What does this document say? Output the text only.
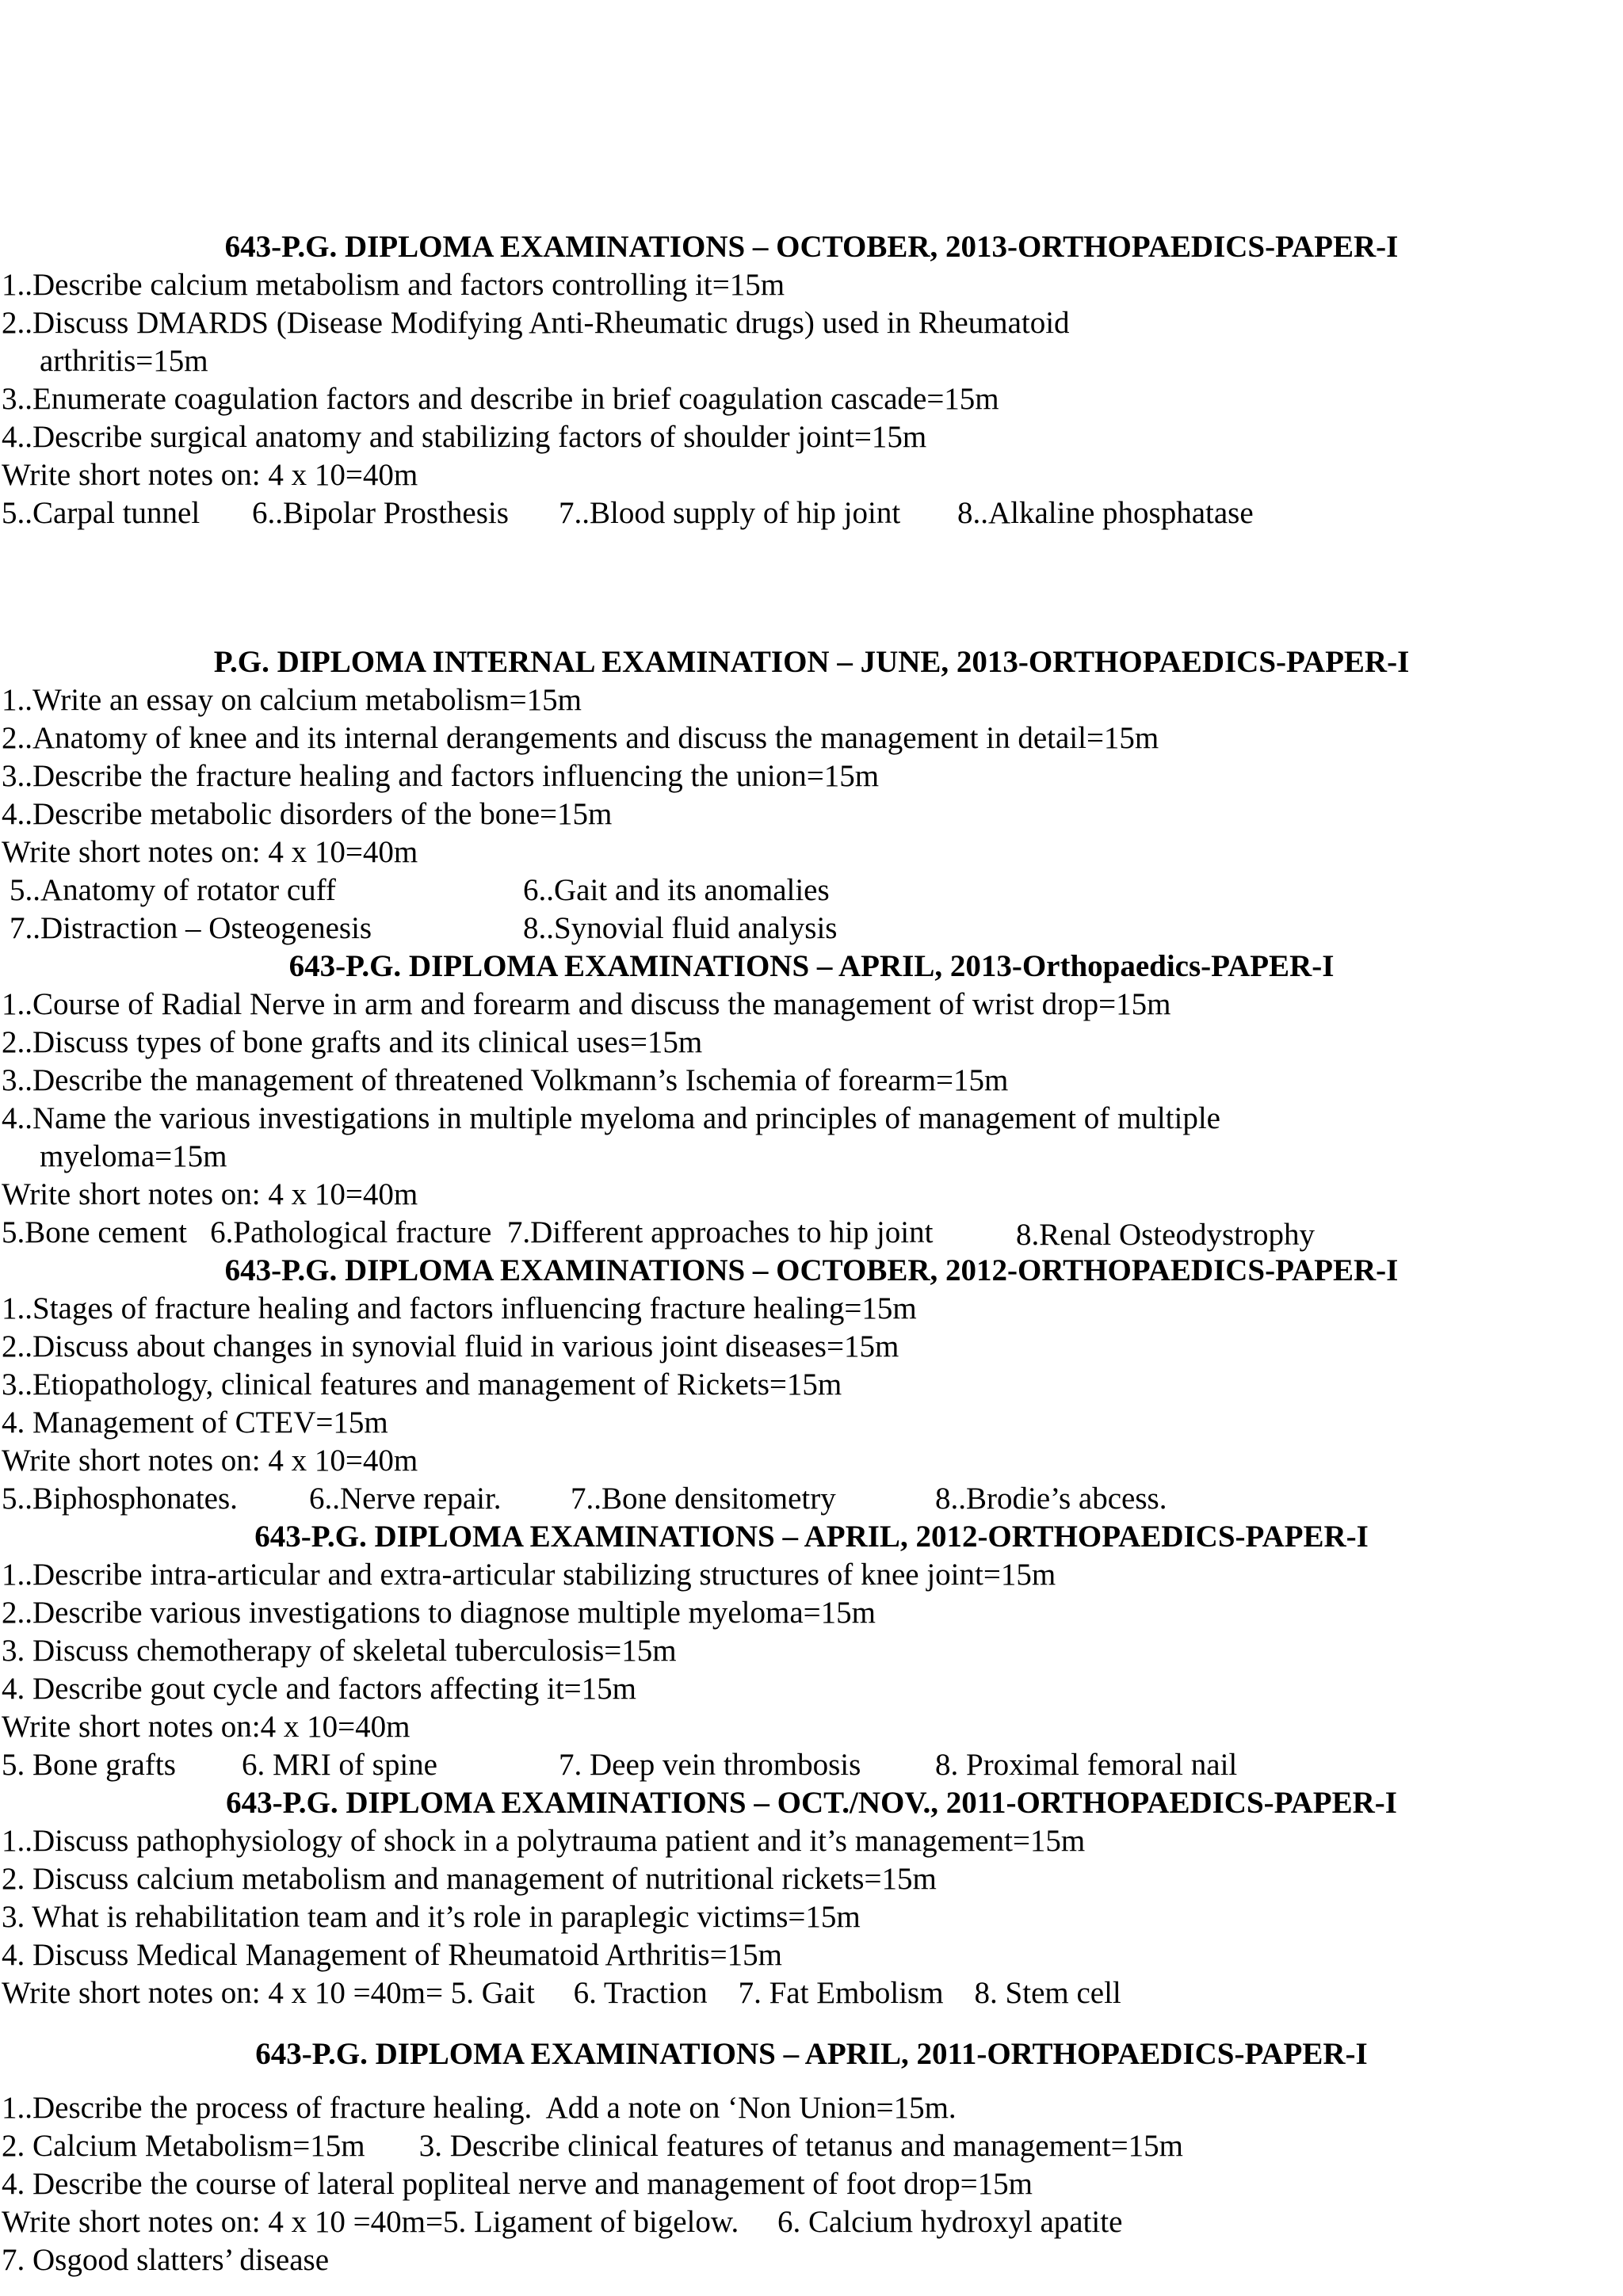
643-P.G. DIPLOMA EXAMINATIONS – OCTOBER, 2013-ORTHOPAEDICS-PAPER-I
1..Describe calcium metabolism and factors controlling it=15m
2..Discuss DMARDS (Disease Modifying Anti-Rheumatic drugs) used in Rheumatoid
arthritis=15m
3..Enumerate coagulation factors and describe in brief coagulation cascade=15m
4..Describe surgical anatomy and stabilizing factors of shoulder joint=15m
Write short notes on: 4 x 10=40m
5..Carpal tunnel 6..Bipolar Prosthesis 7..Blood supply of hip joint 8..Alkaline phosphatase
P.G. DIPLOMA INTERNAL EXAMINATION – JUNE, 2013-ORTHOPAEDICS-PAPER-I
1..Write an essay on calcium metabolism=15m
2..Anatomy of knee and its internal derangements and discuss the management in detail=15m
3..Describe the fracture healing and factors influencing the union=15m
4..Describe metabolic disorders of the bone=15m
Write short notes on: 4 x 10=40m
5..Anatomy of rotator cuff	6..Gait and its anomalies
7..Distraction – Osteogenesis	8..Synovial fluid analysis
643-P.G. DIPLOMA EXAMINATIONS – APRIL, 2013-Orthopaedics-PAPER-I
1..Course of Radial Nerve in arm and forearm and discuss the management of wrist drop=15m
2..Discuss types of bone grafts and its clinical uses=15m
3..Describe the management of threatened Volkmann’s Ischemia of forearm=15m
4..Name the various investigations in multiple myeloma and principles of management of multiple
myeloma=15m
Write short notes on: 4 x 10=40m
5.Bone cement   6.Pathological fracture  7.Different approaches to hip joint	8.Renal Osteodystrophy
643-P.G. DIPLOMA EXAMINATIONS – OCTOBER, 2012-ORTHOPAEDICS-PAPER-I
1..Stages of fracture healing and factors influencing fracture healing=15m
2..Discuss about changes in synovial fluid in various joint diseases=15m
3..Etiopathology, clinical features and management of Rickets=15m
4. Management of CTEV=15m
Write short notes on: 4 x 10=40m
5..Biphosphonates. 6..Nerve repair. 7..Bone densitometry	8..Brodie’s abcess.
643-P.G. DIPLOMA EXAMINATIONS – APRIL, 2012-ORTHOPAEDICS-PAPER-I
1..Describe intra-articular and extra-articular stabilizing structures of knee joint=15m
2..Describe various investigations to diagnose multiple myeloma=15m
3. Discuss chemotherapy of skeletal tuberculosis=15m
4. Describe gout cycle and factors affecting it=15m
Write short notes on:4 x 10=40m
5. Bone grafts 6. MRI of spine	7. Deep vein thrombosis 8. Proximal femoral nail
643-P.G. DIPLOMA EXAMINATIONS – OCT./NOV., 2011-ORTHOPAEDICS-PAPER-I
1..Discuss pathophysiology of shock in a polytrauma patient and it’s management=15m
2. Discuss calcium metabolism and management of nutritional rickets=15m
3. What is rehabilitation team and it’s role in paraplegic victims=15m
4. Discuss Medical Management of Rheumatoid Arthritis=15m
Write short notes on: 4 x 10 =40m= 5. Gait     6. Traction    7. Fat Embolism    8. Stem cell
643-P.G. DIPLOMA EXAMINATIONS – APRIL, 2011-ORTHOPAEDICS-PAPER-I
1..Describe the process of fracture healing.  Add a note on ‘Non Union=15m.
2. Calcium Metabolism=15m       3. Describe clinical features of tetanus and management=15m
4. Describe the course of lateral popliteal nerve and management of foot drop=15m
Write short notes on: 4 x 10 =40m=5. Ligament of bigelow.     6. Calcium hydroxyl apatite
7. Osgood slatters’ disease
